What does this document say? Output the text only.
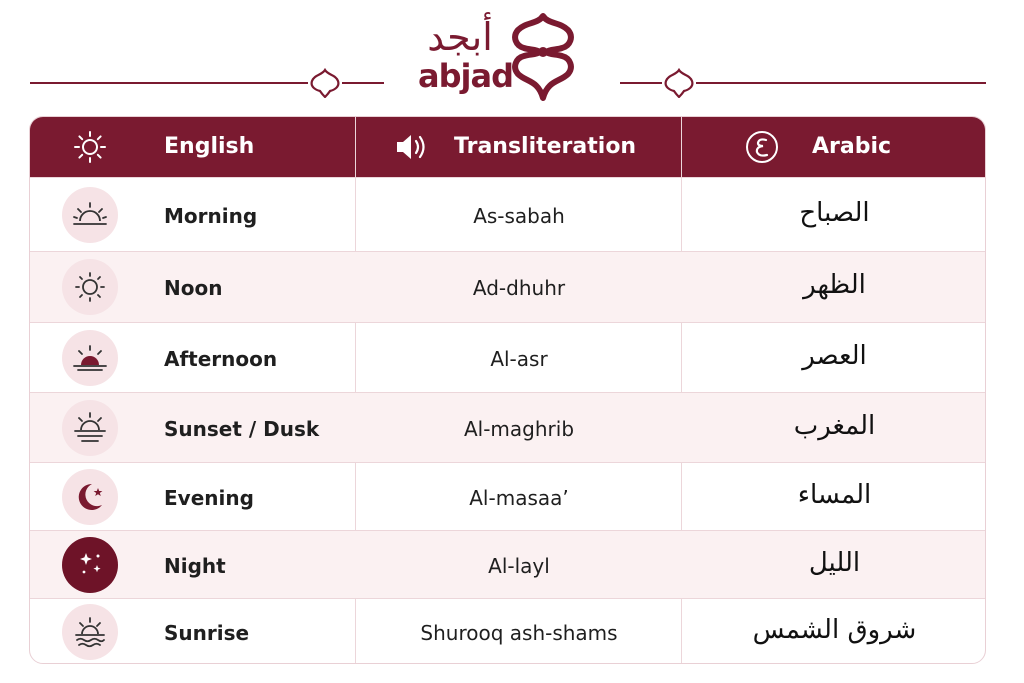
أبجد
abjad
English	Transliteration	Arabic
Morning	As-sabah	الصباح
Noon	Ad-dhuhr	الظهر
Afternoon	Al-asr	العصر
Sunset / Dusk	Al-maghrib	المغرب
Evening	Al-masaa’	المساء
Night	Al-layl	الليل
Sunrise	Shurooq ash-shams	شروق الشمس
